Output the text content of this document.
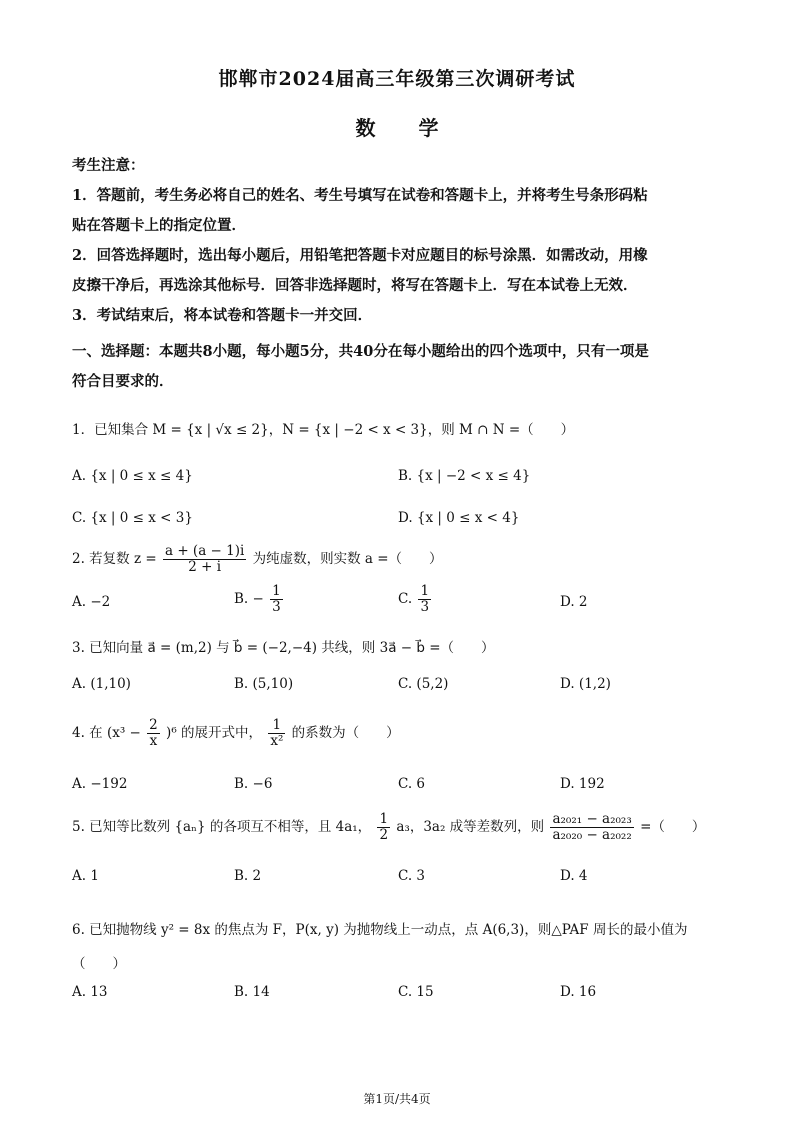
邯郸市2024届高三年级第三次调研考试
数 学
考生注意：
1．答题前，考生务必将自己的姓名、考生号填写在试卷和答题卡上，并将考生号条形码粘
贴在答题卡上的指定位置．
2．回答选择题时，选出每小题后，用铅笔把答题卡对应题目的标号涂黑．如需改动，用橡
皮擦干净后，再选涂其他标号．回答非选择题时，将写在答题卡上．写在本试卷上无效．
3．考试结束后，将本试卷和答题卡一并交回．
一、选择题：本题共8小题，每小题5分，共40分在每小题给出的四个选项中，只有一项是
符合目要求的．
1．已知集合 M = {x | √x ≤ 2}，N = {x | −2 < x < 3}，则 M ∩ N =（　　）
A. {x | 0 ≤ x ≤ 4}	B. {x | −2 < x ≤ 4}
C. {x | 0 ≤ x < 3}	D. {x | 0 ≤ x < 4}
2. 若复数 $z = \frac{a + (a - 1)i}{2 + i}$ 为纯虚数，则实数 a =（　　）
A. −2	B. − $\frac{1}{3}$	C. $\frac{1}{3}$	D. 2
3. 已知向量 a⃗ = (m,2) 与 b⃗ = (−2,−4) 共线，则 3a⃗ − b⃗ =（　　）
A. (1,10)	B. (5,10)	C. (5,2)	D. (1,2)
4. 在 $(x^3 - \frac{2}{x} )^6$ 的展开式中， $\frac{1}{\text{x²}}$ 的系数为（　　）
A. −192	B. −6	C. 6	D. 192
5. 已知等比数列 {aₙ} 的各项互不相等，且 4a₁， $\frac{1}{2} a_3$，3a₂ 成等差数列，则 $\frac{\text{a₂₀₂₁ − a₂₀₂₃}}{\text{a₂₀₂₀ − a₂₀₂₂}}$ =（　　）
A. 1	B. 2	C. 3	D. 4
6. 已知抛物线 y² = 8x 的焦点为 F，P(x, y) 为抛物线上一动点，点 A(6,3)，则△PAF 周长的最小值为
（　　）
A. 13	B. 14	C. 15	D. 16
第1页/共4页
